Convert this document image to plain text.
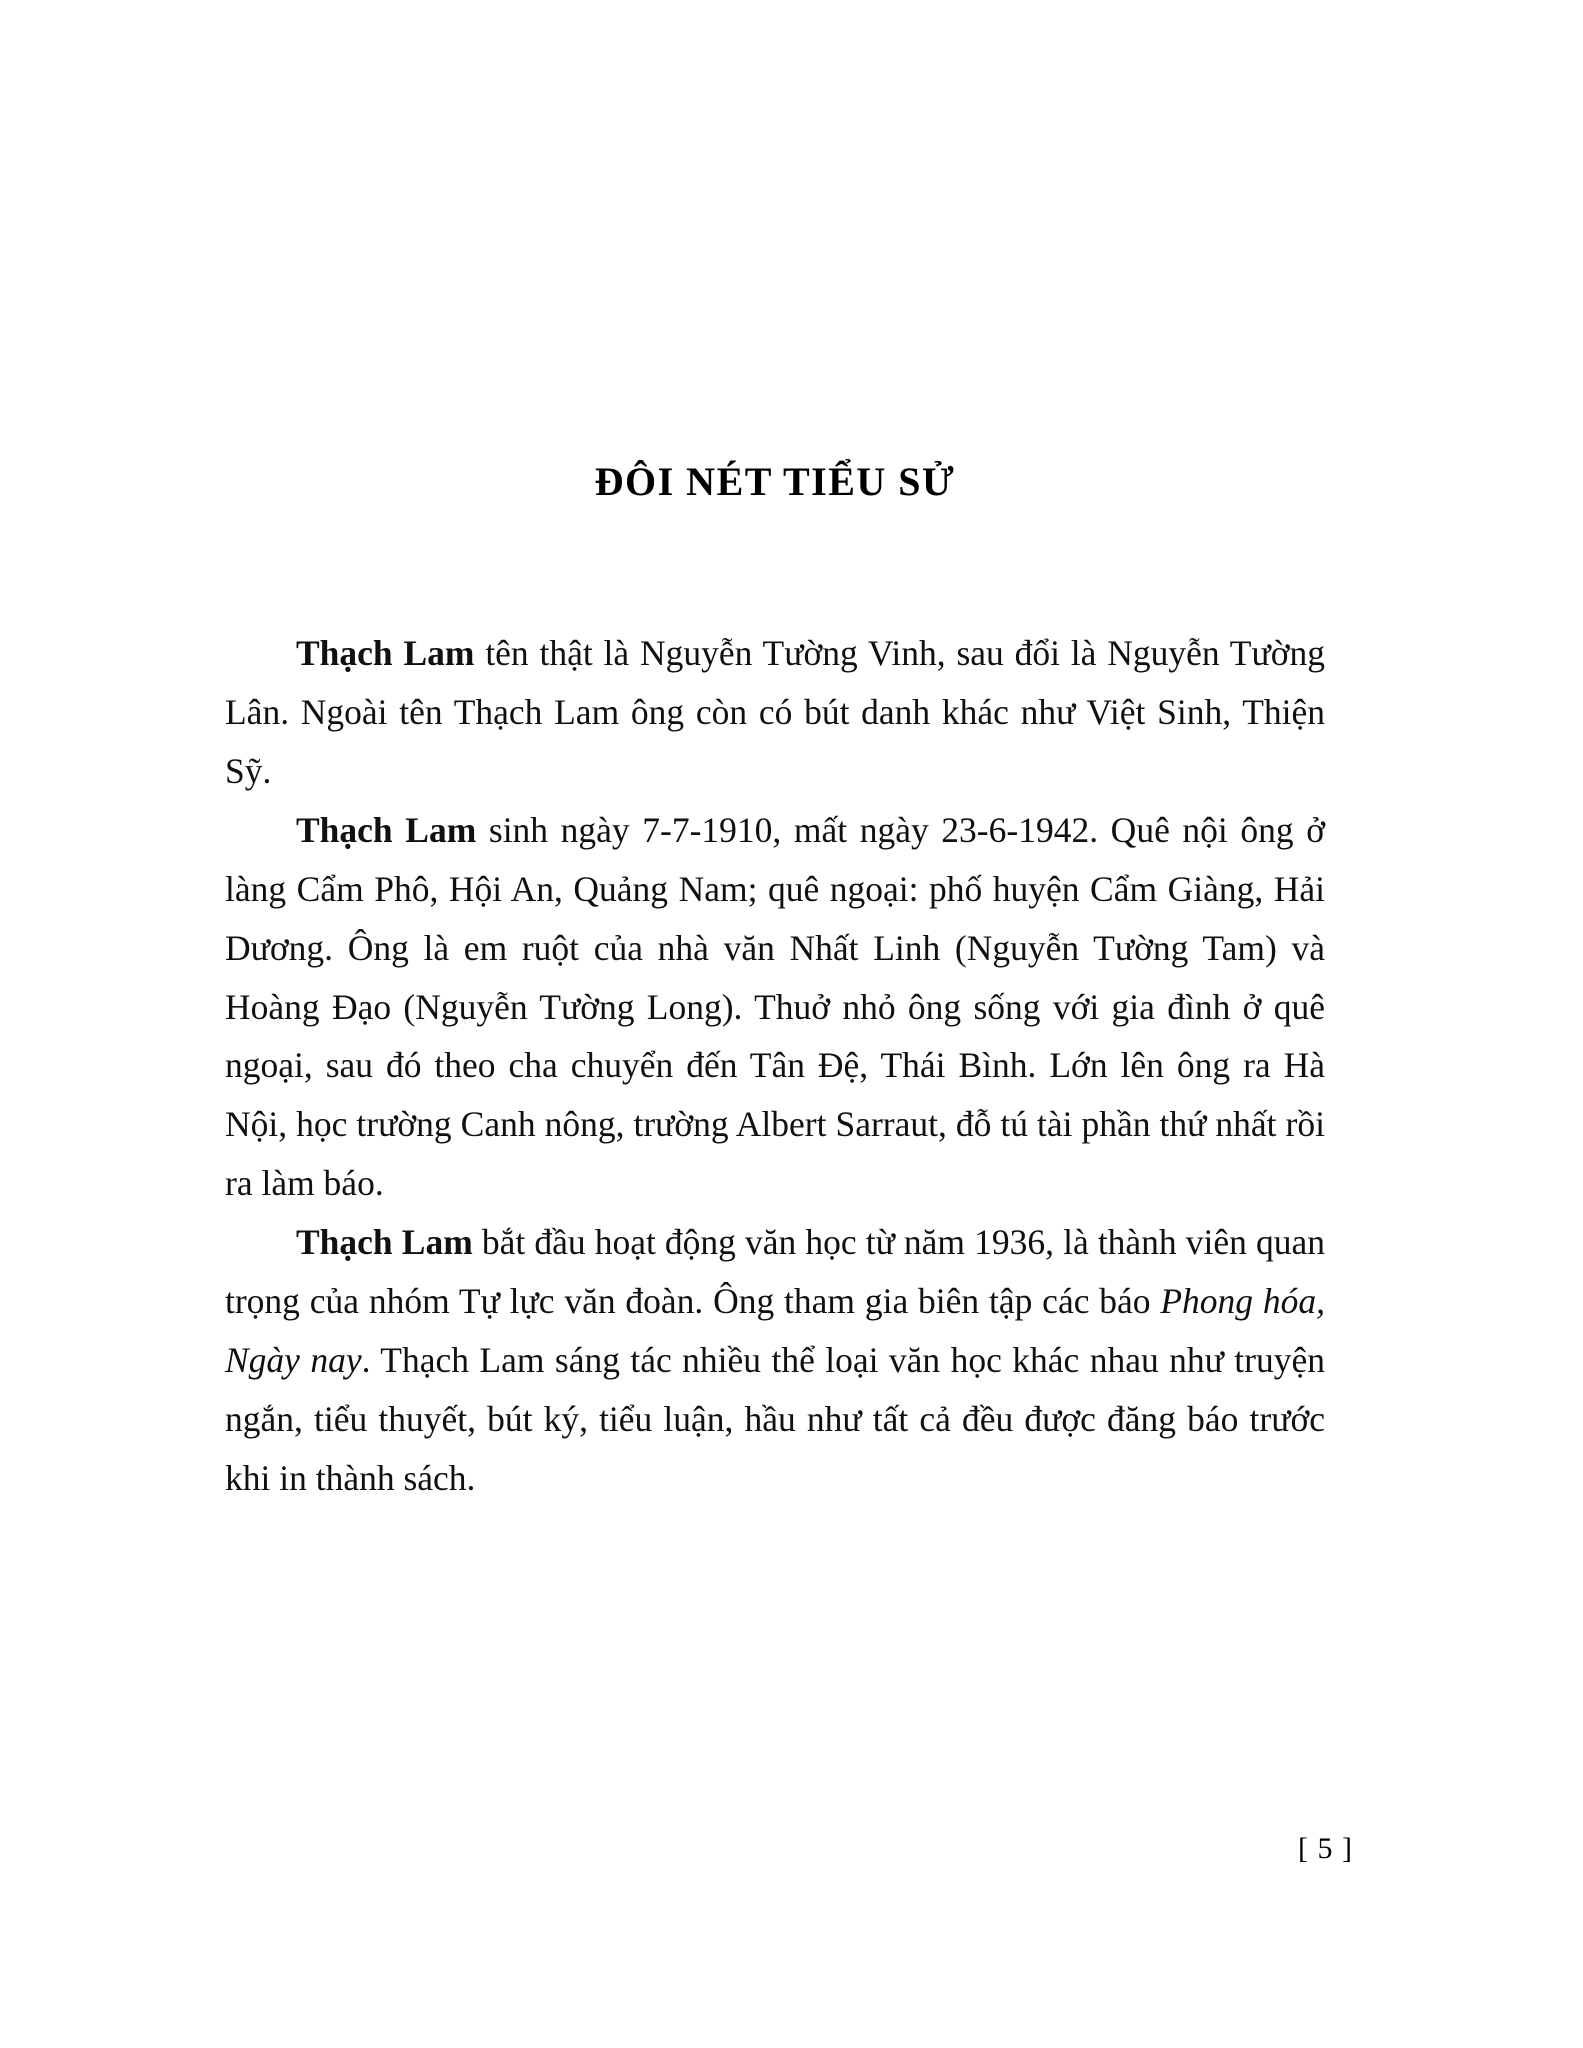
ĐÔI NÉT TIỂU SỬ

Thạch Lam tên thật là Nguyễn Tường Vinh, sau đổi là Nguyễn Tường Lân. Ngoài tên Thạch Lam ông còn có bút danh khác như Việt Sinh, Thiện Sỹ.

Thạch Lam sinh ngày 7-7-1910, mất ngày 23-6-1942. Quê nội ông ở làng Cẩm Phô, Hội An, Quảng Nam; quê ngoại: phố huyện Cẩm Giàng, Hải Dương. Ông là em ruột của nhà văn Nhất Linh (Nguyễn Tường Tam) và Hoàng Đạo (Nguyễn Tường Long). Thuở nhỏ ông sống với gia đình ở quê ngoại, sau đó theo cha chuyển đến Tân Đệ, Thái Bình. Lớn lên ông ra Hà Nội, học trường Canh nông, trường Albert Sarraut, đỗ tú tài phần thứ nhất rồi ra làm báo.

Thạch Lam bắt đầu hoạt động văn học từ năm 1936, là thành viên quan trọng của nhóm Tự lực văn đoàn. Ông tham gia biên tập các báo Phong hóa, Ngày nay. Thạch Lam sáng tác nhiều thể loại văn học khác nhau như truyện ngắn, tiểu thuyết, bút ký, tiểu luận, hầu như tất cả đều được đăng báo trước khi in thành sách.

[ 5 ]
